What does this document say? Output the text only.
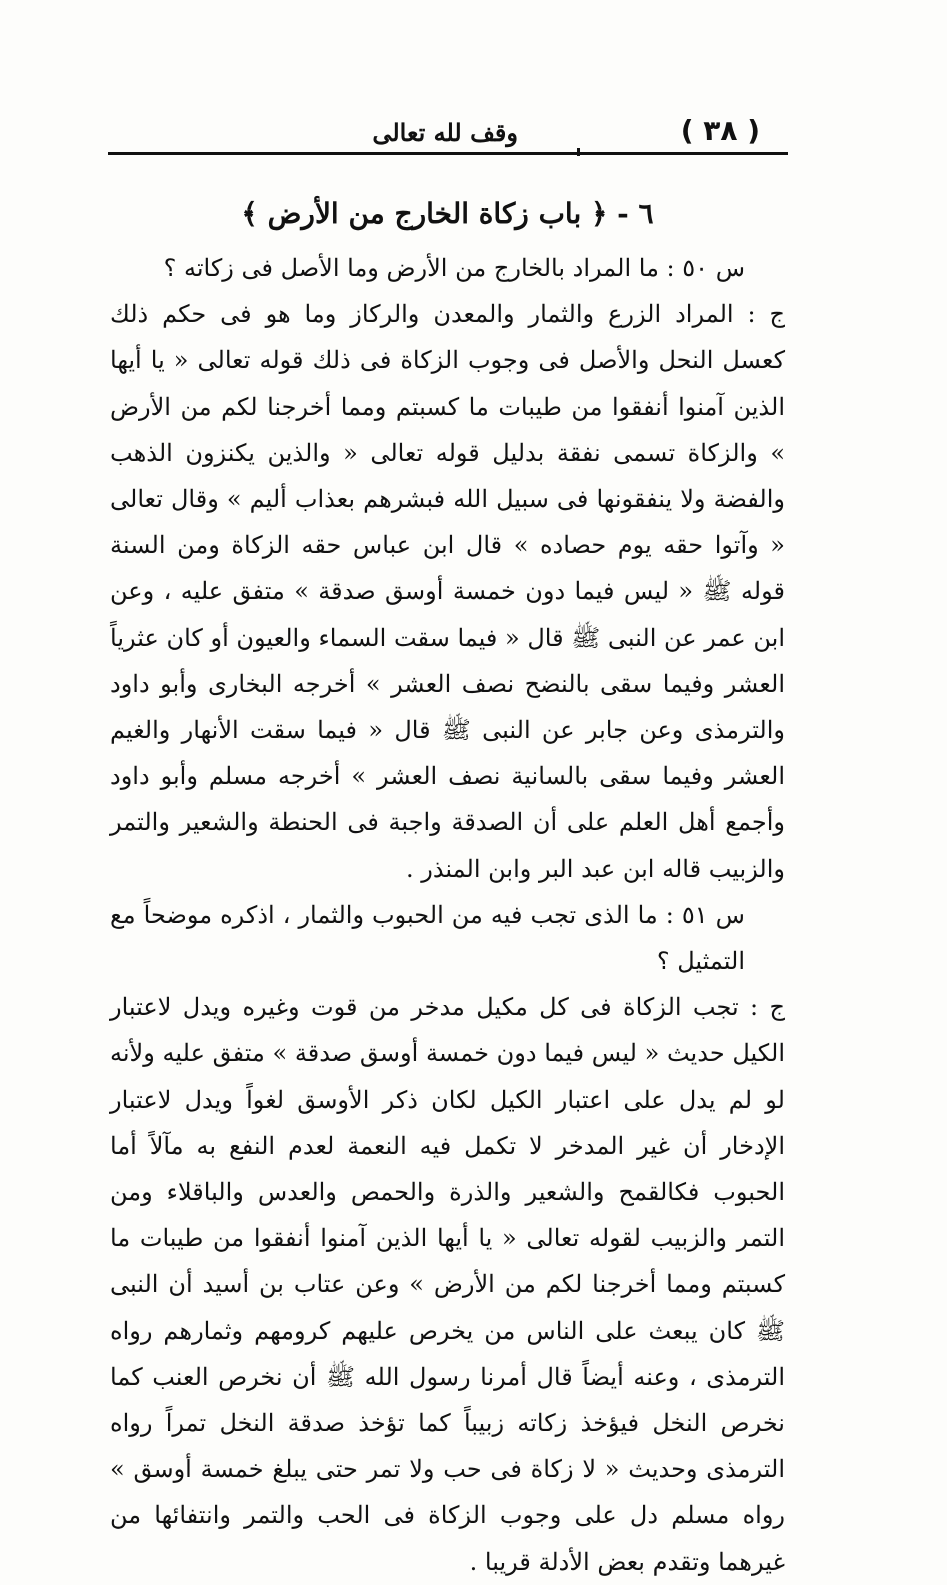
( ٣٨ )
وقف لله تعالى
٦ - ﴿ باب زكاة الخارج من الأرض ﴾

س ٥٠ : ما المراد بالخارج من الأرض وما الأصل فى زكاته ؟

ج : المراد الزرع والثمار والمعدن والركاز وما هو فى حكم ذلك كعسل النحل والأصل فى وجوب الزكاة فى ذلك قوله تعالى « يا أيها الذين آمنوا أنفقوا من طيبات ما كسبتم ومما أخرجنا لكم من الأرض » والزكاة تسمى نفقة بدليل قوله تعالى « والذين يكنزون الذهب والفضة ولا ينفقونها فى سبيل الله فبشرهم بعذاب أليم » وقال تعالى « وآتوا حقه يوم حصاده » قال ابن عباس حقه الزكاة ومن السنة قوله ﷺ « ليس فيما دون خمسة أوسق صدقة » متفق عليه ، وعن ابن عمر عن النبى ﷺ قال « فيما سقت السماء والعيون أو كان عثرياً العشر وفيما سقى بالنضح نصف العشر » أخرجه البخارى وأبو داود والترمذى وعن جابر عن النبى ﷺ قال « فيما سقت الأنهار والغيم العشر وفيما سقى بالسانية نصف العشر » أخرجه مسلم وأبو داود وأجمع أهل العلم على أن الصدقة واجبة فى الحنطة والشعير والتمر والزبيب قاله ابن عبد البر وابن المنذر .

س ٥١ : ما الذى تجب فيه من الحبوب والثمار ، اذكره موضحاً مع التمثيل ؟

ج : تجب الزكاة فى كل مكيل مدخر من قوت وغيره ويدل لاعتبار الكيل حديث « ليس فيما دون خمسة أوسق صدقة » متفق عليه ولأنه لو لم يدل على اعتبار الكيل لكان ذكر الأوسق لغواً ويدل لاعتبار الإدخار أن غير المدخر لا تكمل فيه النعمة لعدم النفع به مآلاً أما الحبوب فكالقمح والشعير والذرة والحمص والعدس والباقلاء ومن التمر والزبيب لقوله تعالى « يا أيها الذين آمنوا أنفقوا من طيبات ما كسبتم ومما أخرجنا لكم من الأرض » وعن عتاب بن أسيد أن النبى ﷺ كان يبعث على الناس من يخرص عليهم كرومهم وثمارهم رواه الترمذى ، وعنه أيضاً قال أمرنا رسول الله ﷺ أن نخرص العنب كما نخرص النخل فيؤخذ زكاته زبيباً كما تؤخذ صدقة النخل تمراً رواه الترمذى وحديث « لا زكاة فى حب ولا تمر حتى يبلغ خمسة أوسق » رواه مسلم دل على وجوب الزكاة فى الحب والتمر وانتفائها من غيرهما وتقدم بعض الأدلة قريبا .
